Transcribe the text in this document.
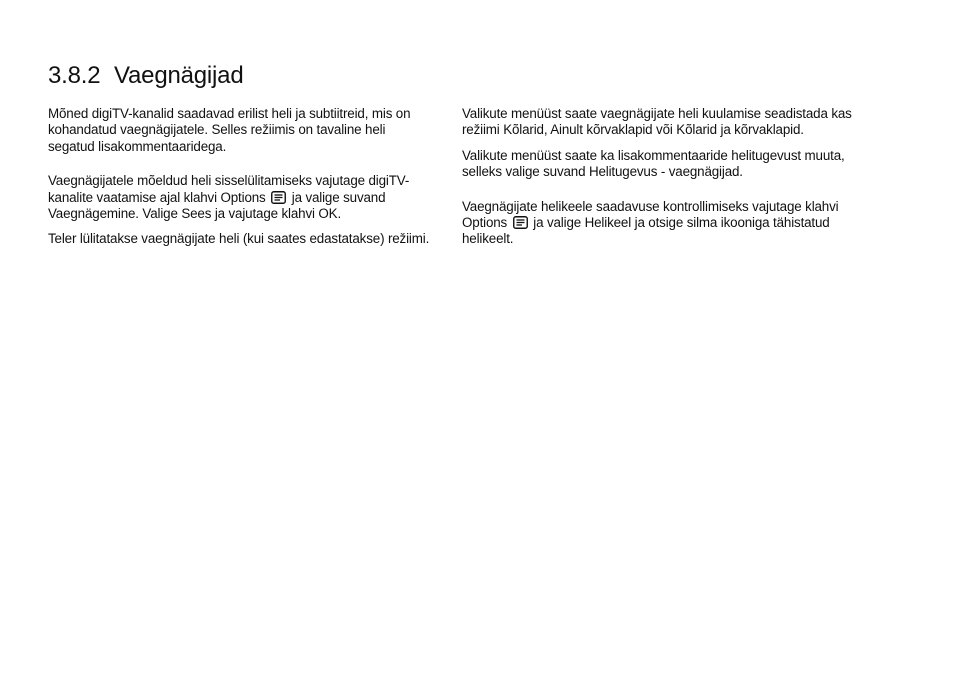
3.8.2 Vaegnägijad

Mõned digiTV-kanalid saadavad erilist heli ja subtiitreid, mis on kohandatud vaegnägijatele. Selles režiimis on tavaline heli segatud lisakommentaaridega.

Vaegnägijatele mõeldud heli sisselülitamiseks vajutage digiTV-kanalite vaatamise ajal klahvi Options ja valige suvand Vaegnägemine. Valige Sees ja vajutage klahvi OK.

Teler lülitatakse vaegnägijate heli (kui saates edastatakse) režiimi.

Valikute menüüst saate vaegnägijate heli kuulamise seadistada kas režiimi Kõlarid, Ainult kõrvaklapid või Kõlarid ja kõrvaklapid.

Valikute menüüst saate ka lisakommentaaride helitugevust muuta, selleks valige suvand Helitugevus - vaegnägijad.

Vaegnägijate helikeele saadavuse kontrollimiseks vajutage klahvi Options ja valige Helikeel ja otsige silma ikooniga tähistatud helikeelt.
